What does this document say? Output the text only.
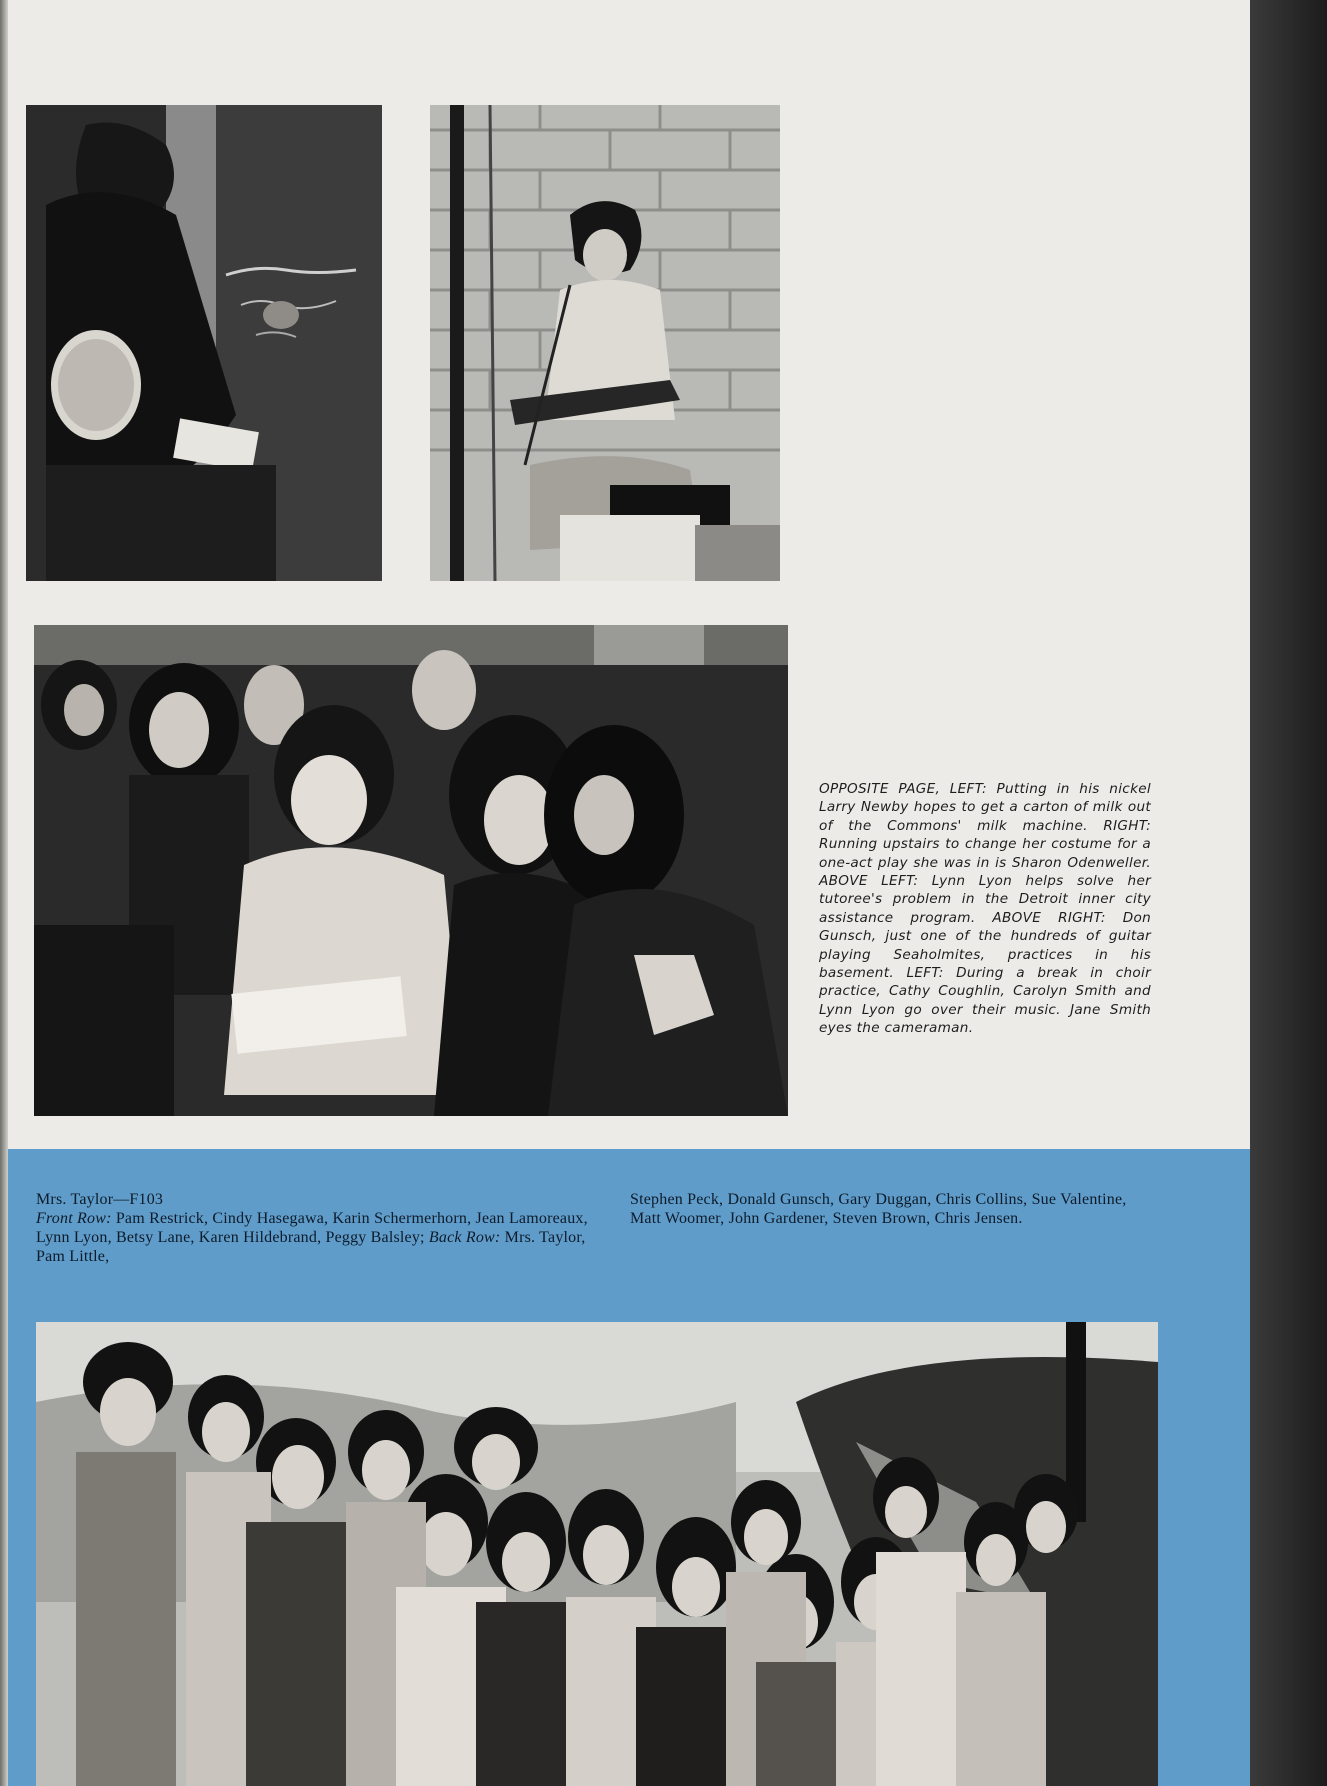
OPPOSITE PAGE, LEFT: Putting in his nickel Larry Newby hopes to get a carton of milk out of the Commons' milk machine. RIGHT: Running upstairs to change her costume for a one-act play she was in is Sharon Odenweller. ABOVE LEFT: Lynn Lyon helps solve her tutoree's problem in the Detroit inner city assistance program. ABOVE RIGHT: Don Gunsch, just one of the hundreds of guitar playing Seaholmites, practices in his basement. LEFT: During a break in choir practice, Cathy Coughlin, Carolyn Smith and Lynn Lyon go over their music. Jane Smith eyes the cameraman.
Mrs. Taylor—F103
Front Row: Pam Restrick, Cindy Hasegawa, Karin Schermerhorn, Jean Lamoreaux, Lynn Lyon, Betsy Lane, Karen Hildebrand, Peggy Balsley; Back Row: Mrs. Taylor, Pam Little,
Stephen Peck, Donald Gunsch, Gary Duggan, Chris Collins, Sue Valentine, Matt Woomer, John Gardener, Steven Brown, Chris Jensen.
